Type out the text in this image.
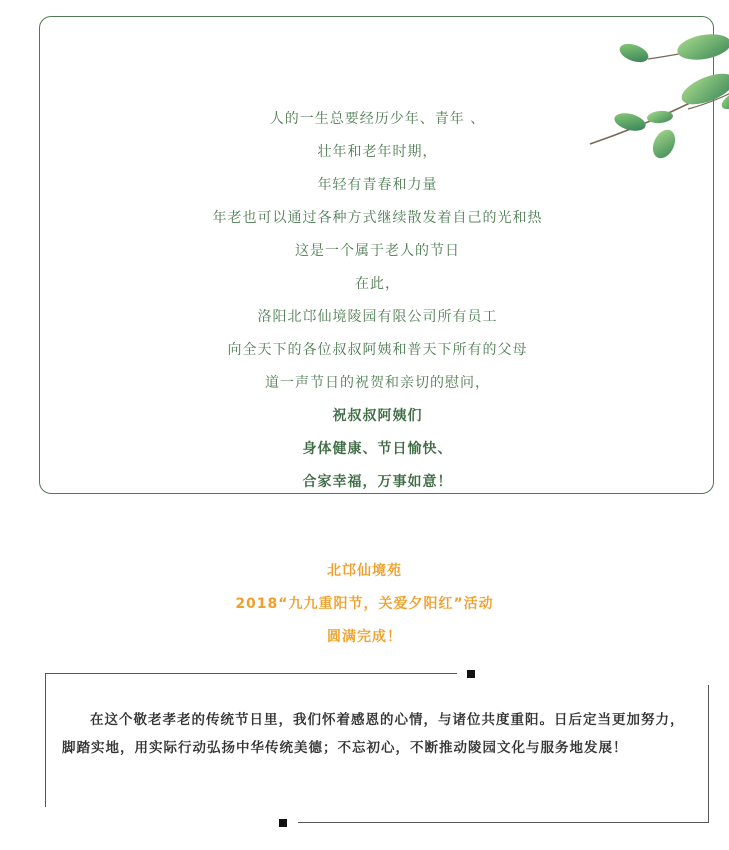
人的一生总要经历少年、青年 、
壮年和老年时期，
年轻有青春和力量
年老也可以通过各种方式继续散发着自己的光和热
这是一个属于老人的节日
在此，
洛阳北邙仙境陵园有限公司所有员工
向全天下的各位叔叔阿姨和普天下所有的父母
道一声节日的祝贺和亲切的慰问，
祝叔叔阿姨们
身体健康、节日愉快、
合家幸福，万事如意！
北邙仙境苑
2018“九九重阳节，关爱夕阳红”活动
圆满完成！

在这个敬老孝老的传统节日里，我们怀着感恩的心情，与诸位共度重阳。日后定当更加努力，脚踏实地，用实际行动弘扬中华传统美德；不忘初心，不断推动陵园文化与服务地发展！
